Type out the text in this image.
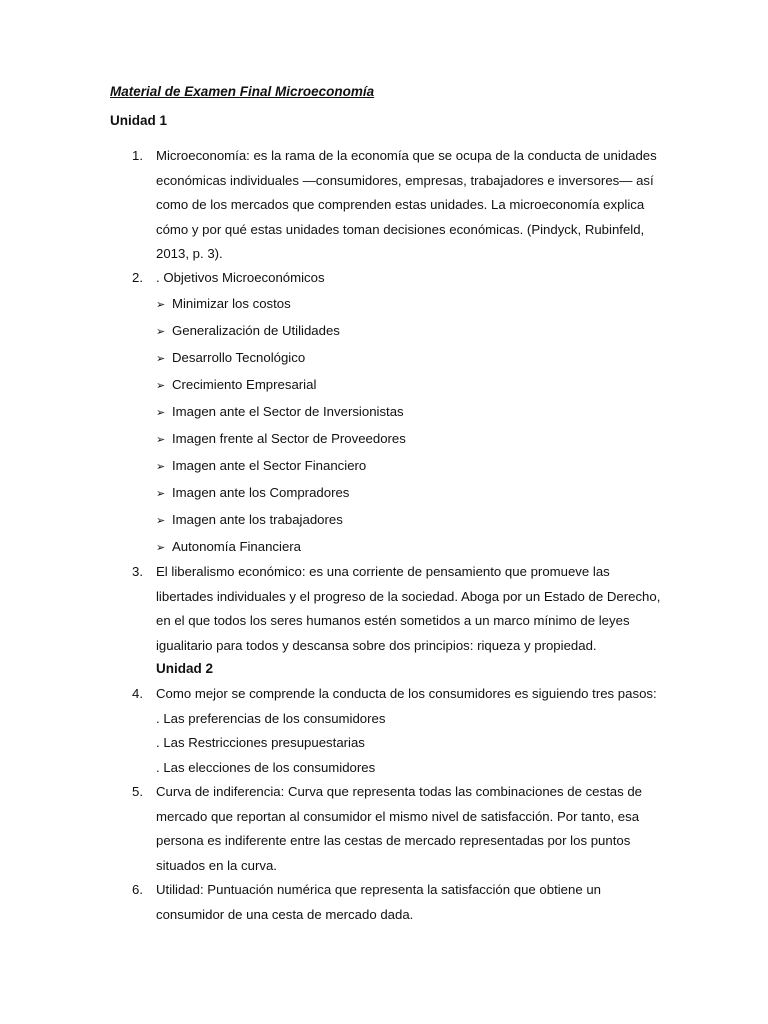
Material de Examen Final Microeconomía
Unidad 1
1. Microeconomía: es la rama de la economía que se ocupa de la conducta de unidades
económicas individuales —consumidores, empresas, trabajadores e inversores— así
como de los mercados que comprenden estas unidades. La microeconomía explica
cómo y por qué estas unidades toman decisiones económicas. (Pindyck, Rubinfeld,
2013, p. 3).
2. . Objetivos Microeconómicos
➢ Minimizar los costos
➢ Generalización de Utilidades
➢ Desarrollo Tecnológico
➢ Crecimiento Empresarial
➢ Imagen ante el Sector de Inversionistas
➢ Imagen frente al Sector de Proveedores
➢ Imagen ante el Sector Financiero
➢ Imagen ante los Compradores
➢ Imagen ante los trabajadores
➢ Autonomía Financiera
3. El liberalismo económico: es una corriente de pensamiento que promueve las
libertades individuales y el progreso de la sociedad. Aboga por un Estado de Derecho,
en el que todos los seres humanos estén sometidos a un marco mínimo de leyes
igualitario para todos y descansa sobre dos principios: riqueza y propiedad.
Unidad 2
4. Como mejor se comprende la conducta de los consumidores es siguiendo tres pasos:
. Las preferencias de los consumidores
. Las Restricciones presupuestarias
. Las elecciones de los consumidores
5. Curva de indiferencia: Curva que representa todas las combinaciones de cestas de
mercado que reportan al consumidor el mismo nivel de satisfacción. Por tanto, esa
persona es indiferente entre las cestas de mercado representadas por los puntos
situados en la curva.
6. Utilidad: Puntuación numérica que representa la satisfacción que obtiene un
consumidor de una cesta de mercado dada.
